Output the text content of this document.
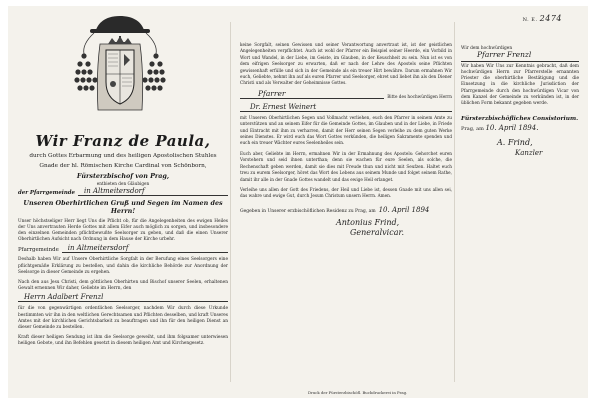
N. E. 2474
Wir Franz de Paula,
durch Gottes Erbarmung und des heiligen Apostolischen Stuhles
Gnade der hl. Römischen Kirche Cardinal von Schönborn,
Fürsterzbischof von Prag,
entbieten den Gläubigen
der Pfarrgemeinde in Altmeitersdorf
Unseren Oberhirtlichen Gruß und Segen im Namen des Herrn!
Unser höchstseliger Herr liegt Uns die Pflicht ob, für die Angelegenheiten des ewigen Heiles der Uns anvertrauten Herde Gottes mit allem Eifer auch möglich zu sorgen, und insbesondere den einzelnen Gemeinden pflichtbewußte Seelsorger zu geben, und daß die einen Unserer Oberhirtlichen Aufsicht nach Ordnung in dem Hause der Kirche urbehr.
Pfarrgemeinde in Altmeitersdorf
Deshalb haben Wir auf Unsere Oberhirtliche Sorgfalt in der Berufung eines Seelsorgers eine pflichtgemäße Erklärung zu bestellen, und dahin die kirchliche Behörde zur Anordnung der Seelsorge in dieser Gemeinde zu ergehen.
Nach den aus Jesu Christi, dem göttlichen Oberhirten und Bischof unserer Seelen, erhaltenen Gewalt ernennen Wir daher, Geliebte im Herrn, den
Herrn Adalbert Frenzl
für die von gegenwärtigen ordentlichen Seelsorger, nachdem Wir durch diese Urkunde bestimmten wir ihn in den weltlichen Gerechtsamen und Pflichten desselben, und kraft Unseres Amtes mit der kirchlichen Gerichtsbarkeit zu beauftragen und ihn für den heiligen Dienst an dieser Gemeinde zu bestellen.
Kraft dieser heiligen Sendung ist ihm die Seelsorge geweiht, und ihm folgsamer unterwiesen heiligen Gebote, und ihn Befehlen gesetzt in diesem heiligen Amt und Kirchengesetz.
keine Sorgfalt, seinen Gewissen und seiner Verantwortung anvertraut ist, ist der geistlichen Angelegenheiten verpflichtet. Auch ist wohl der Pfarrer ein Beispiel seiner Heerde, ein Vorbild in Wort und Wandel, in der Liebe, im Geiste, im Glauben, in der Keuschheit zu sein. Nun ist es von dem eifrigen Seelsorger zu erwarten, daß er nach der Lehre des Apostels seine Pflichten gewissenhaft erfülle und sich in der Gemeinde als ein treuer Hirt bewähre. Darum ermahnen Wir euch, Geliebte, nehmt ihn auf als euren Pfarrer und Seelsorger, ehret und liebet ihn als den Diener Christi und als Verwalter der Geheimnisse Gottes.
Pfarrer	Bitte des hochwürdigen Herrn
Dr. Ernest Weinert
mit Unseren Oberhirtlichen Segen und Vollmacht verliehen, euch den Pfarrer in seinem Amte zu unterstützen und an seinem Eifer für die Gemeinde Gottes, im Glauben und in der Liebe, in Friede und Eintracht mit ihm zu verharren, damit der Herr seinen Segen verleihe zu dem guten Werke seines Dienstes. Er wird euch das Wort Gottes verkünden, die heiligen Sakramente spenden und euch ein treuer Wächter eures Seelenheiles sein.
Euch aber, Geliebte im Herrn, ermahnen Wir in der Ermahnung des Apostels: Gehorchet euren Vorstehern und seid ihnen unterthan; denn sie wachen für eure Seelen, als solche, die Rechenschaft geben werden, damit sie dies mit Freude thun und nicht mit Seufzen. Haltet euch treu zu eurem Seelsorger, höret das Wort des Lebens aus seinem Munde und folget seinem Rathe, damit ihr alle in der Gnade Gottes wandelt und das ewige Heil erlanget.
Verleihe uns allen der Gott des Friedens, der Heil und Liebe ist, dessen Gnade mit uns allen sei, das wahre und ewige Gut, durch Jesum Christum unsern Herrn. Amen.
Gegeben in Unserer erzbischöflichen Residenz zu Prag, am 10. April 1894
Antonius Frind,
Generalvicar.
Wir dem hochwürdigen
Pfarrer Frenzl
Wir haben Wir Uns zur Kenntnis gebracht, daß dem hochwürdigen Herrn zur Pfarrerstelle ernannten Priester die oberhirtliche Bestätigung und die Einsetzung in die kirchliche Jurisdiction der Pfarrgemeinde durch den hochwürdigen Vicar von dem Kanzel der Gemeinde zu verkünden ist, in der üblichen Form bekannt gegeben werde.
Fürsterzbischöfliches Consistorium.
Prag, am 10. April 1894.
A. Frind,
Kanzler
Druck der Fürsterzbischöfl. Buchdruckerei in Prag.
